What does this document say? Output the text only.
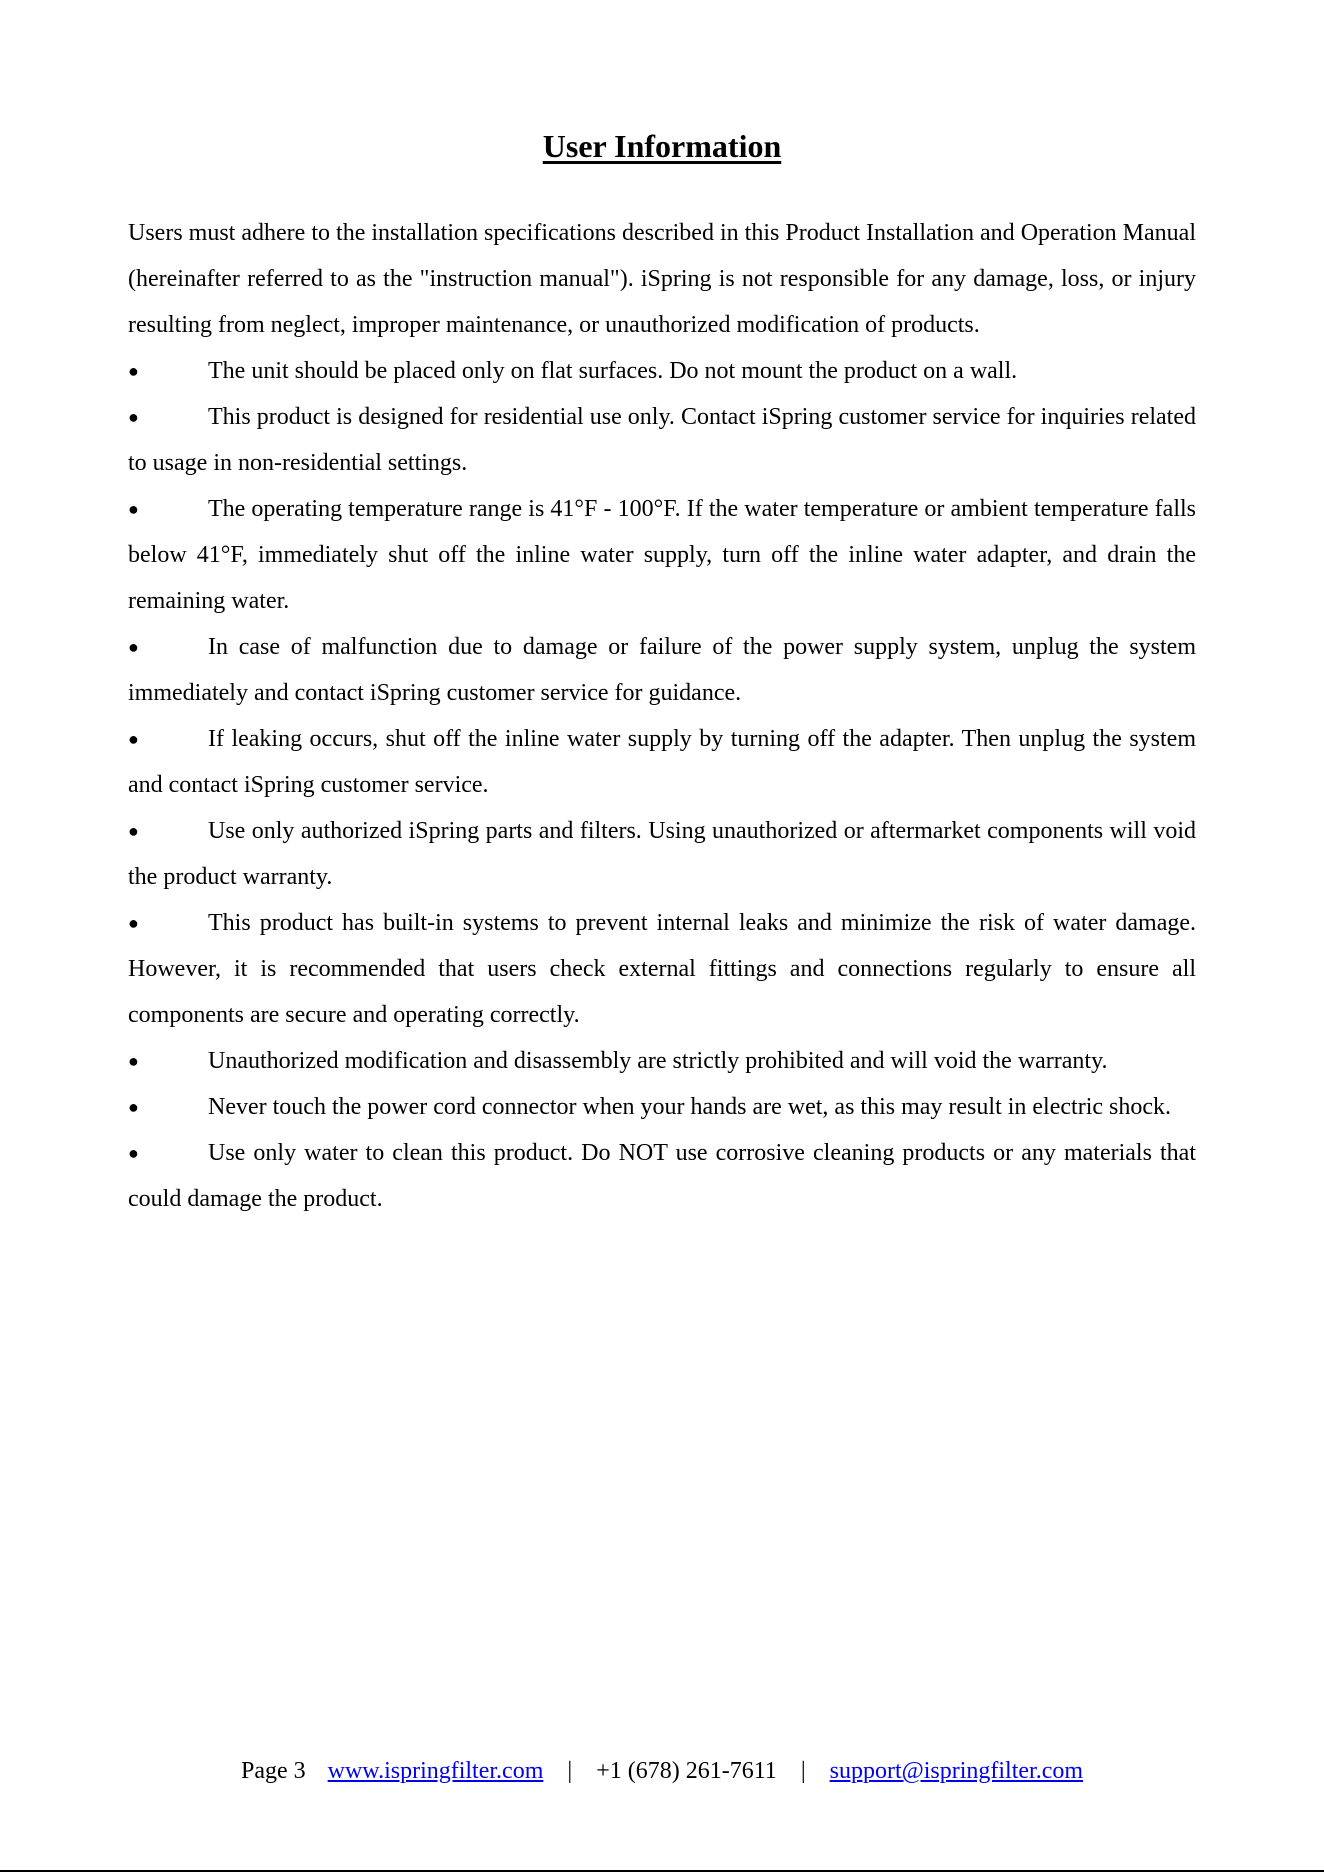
User Information

Users must adhere to the installation specifications described in this Product Installation and Operation Manual (hereinafter referred to as the "instruction manual"). iSpring is not responsible for any damage, loss, or injury resulting from neglect, improper maintenance, or unauthorized modification of products.

●	The unit should be placed only on flat surfaces. Do not mount the product on a wall.

●	This product is designed for residential use only. Contact iSpring customer service for inquiries related to usage in non-residential settings.

●	The operating temperature range is 41°F - 100°F. If the water temperature or ambient temperature falls below 41°F, immediately shut off the inline water supply, turn off the inline water adapter, and drain the remaining water.

●	In case of malfunction due to damage or failure of the power supply system, unplug the system immediately and contact iSpring customer service for guidance.

●	If leaking occurs, shut off the inline water supply by turning off the adapter. Then unplug the system and contact iSpring customer service.

●	Use only authorized iSpring parts and filters. Using unauthorized or aftermarket components will void the product warranty.

●	This product has built-in systems to prevent internal leaks and minimize the risk of water damage. However, it is recommended that users check external fittings and connections regularly to ensure all components are secure and operating correctly.

●	Unauthorized modification and disassembly are strictly prohibited and will void the warranty.

●	Never touch the power cord connector when your hands are wet, as this may result in electric shock.

●	Use only water to clean this product. Do NOT use corrosive cleaning products or any materials that could damage the product.

Page 3 www.ispringfilter.com | +1 (678) 261-7611 | support@ispringfilter.com
